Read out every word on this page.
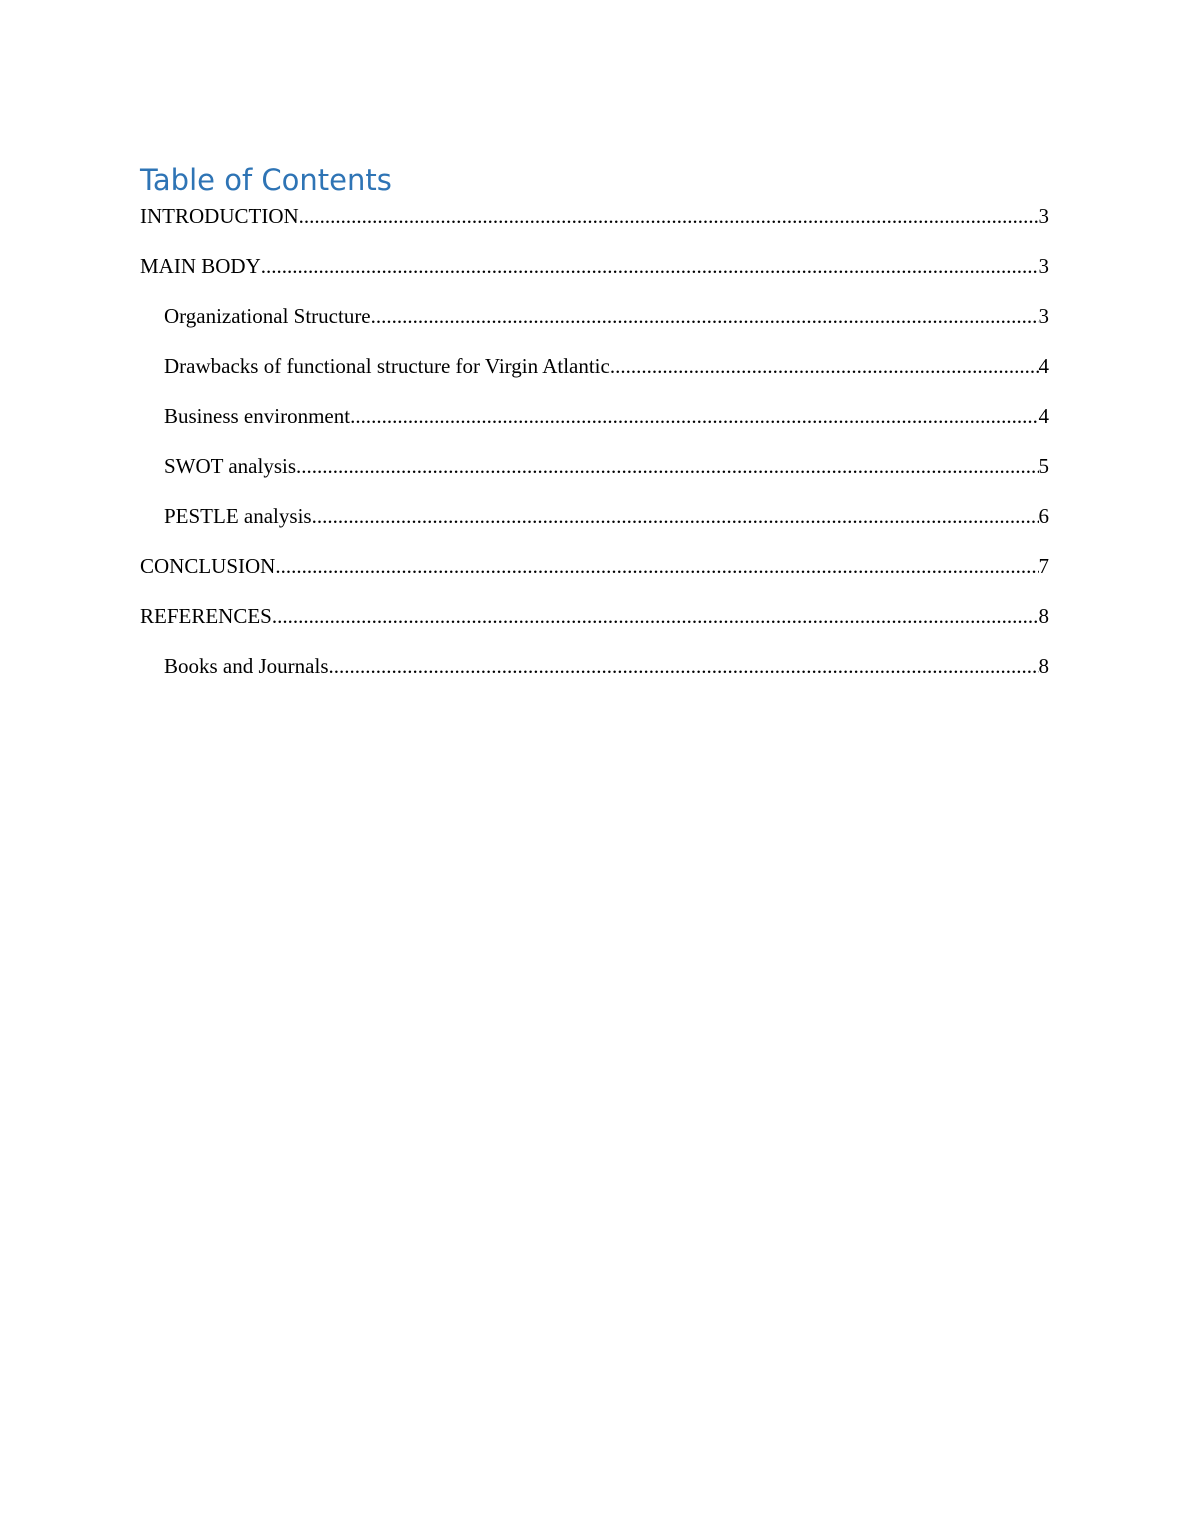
Table of Contents
INTRODUCTION .....	3
MAIN BODY .....	3
Organizational Structure .....	3
Drawbacks of functional structure for Virgin Atlantic .....	4
Business environment .....	4
SWOT analysis .....	5
PESTLE analysis .....	6
CONCLUSION .....	7
REFERENCES .....	8
Books and Journals .....	8
